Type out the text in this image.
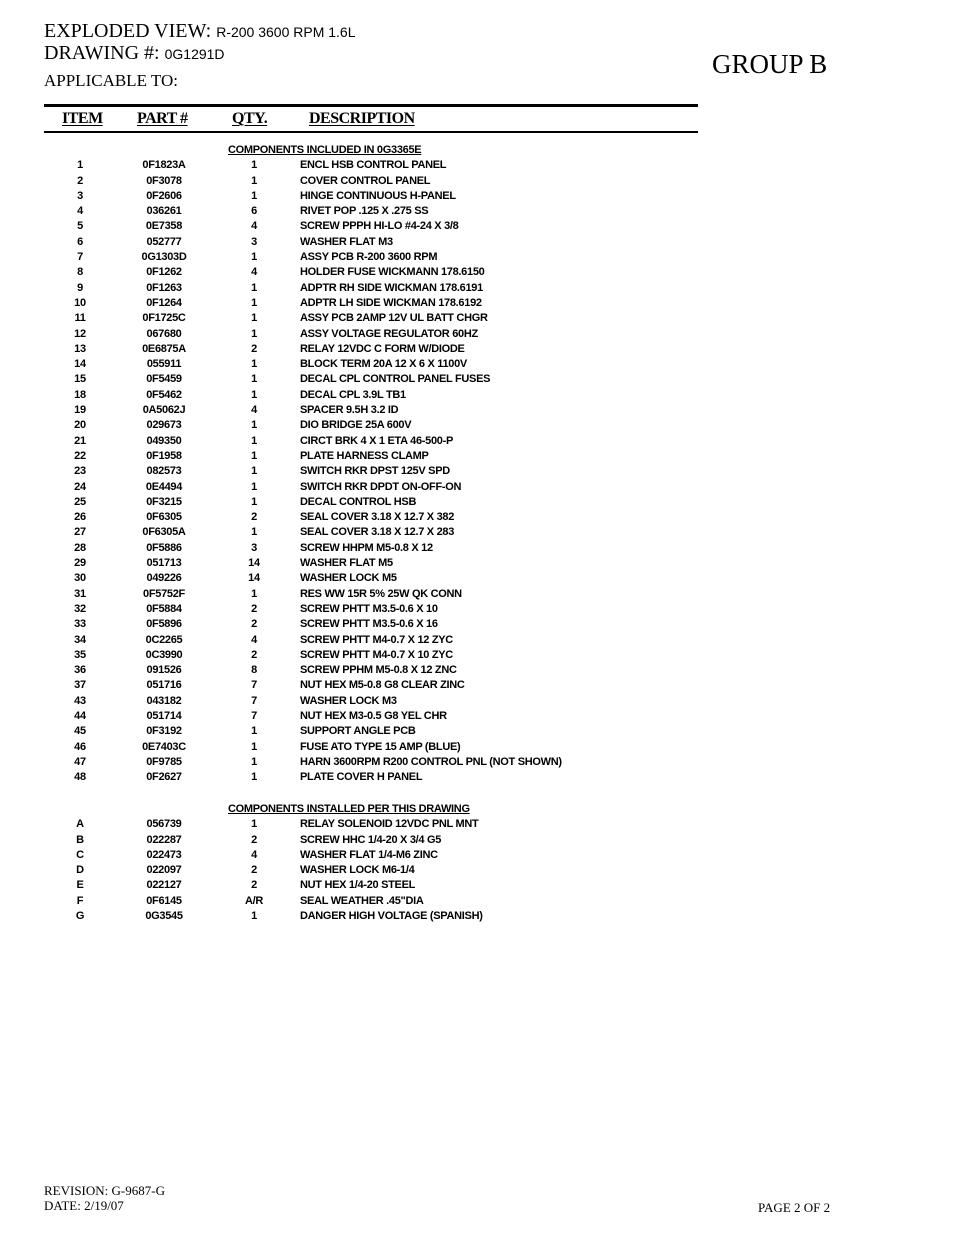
EXPLODED VIEW: R-200 3600 RPM 1.6L
DRAWING #: 0G1291D
APPLICABLE TO:
GROUP B
ITEM PART #	QTY.	DESCRIPTION
COMPONENTS INCLUDED IN 0G3365E
1	0F1823A	1	ENCL HSB CONTROL PANEL
2	0F3078	1	COVER CONTROL PANEL
3	0F2606	1	HINGE CONTINUOUS H-PANEL
4	036261	6	RIVET POP .125 X .275 SS
5	0E7358	4	SCREW PPPH HI-LO #4-24 X 3/8
6	052777	3	WASHER FLAT M3
7	0G1303D	1	ASSY PCB R-200 3600 RPM
8	0F1262	4	HOLDER FUSE WICKMANN 178.6150
9	0F1263	1	ADPTR RH SIDE WICKMAN 178.6191
10	0F1264	1	ADPTR LH SIDE WICKMAN 178.6192
11	0F1725C	1	ASSY PCB 2AMP 12V UL BATT CHGR
12	067680	1	ASSY VOLTAGE REGULATOR 60HZ
13	0E6875A	2	RELAY 12VDC C FORM W/DIODE
14	055911	1	BLOCK TERM 20A 12 X 6 X 1100V
15	0F5459	1	DECAL CPL CONTROL PANEL FUSES
18	0F5462	1	DECAL CPL 3.9L TB1
19	0A5062J	4	SPACER 9.5H 3.2 ID
20	029673	1	DIO BRIDGE 25A 600V
21	049350	1	CIRCT BRK 4 X 1 ETA 46-500-P
22	0F1958	1	PLATE HARNESS CLAMP
23	082573	1	SWITCH RKR DPST 125V SPD
24	0E4494	1	SWITCH RKR DPDT ON-OFF-ON
25	0F3215	1	DECAL CONTROL HSB
26	0F6305	2	SEAL COVER 3.18 X 12.7 X 382
27	0F6305A	1	SEAL COVER 3.18 X 12.7 X 283
28	0F5886	3	SCREW HHPM M5-0.8 X 12
29	051713	14	WASHER FLAT M5
30	049226	14	WASHER LOCK M5
31	0F5752F	1	RES WW 15R 5% 25W QK CONN
32	0F5884	2	SCREW PHTT M3.5-0.6 X 10
33	0F5896	2	SCREW PHTT M3.5-0.6 X 16
34	0C2265	4	SCREW PHTT M4-0.7 X 12 ZYC
35	0C3990	2	SCREW PHTT M4-0.7 X 10 ZYC
36	091526	8	SCREW PPHM M5-0.8 X 12 ZNC
37	051716	7	NUT HEX M5-0.8 G8 CLEAR ZINC
43	043182	7	WASHER LOCK M3
44	051714	7	NUT HEX M3-0.5 G8 YEL CHR
45	0F3192	1	SUPPORT ANGLE PCB
46	0E7403C	1	FUSE ATO TYPE 15 AMP (BLUE)
47	0F9785	1	HARN 3600RPM R200 CONTROL PNL (NOT SHOWN)
48	0F2627	1	PLATE COVER H PANEL
COMPONENTS INSTALLED PER THIS DRAWING
A	056739	1	RELAY SOLENOID 12VDC PNL MNT
B	022287	2	SCREW HHC 1/4-20 X 3/4 G5
C	022473	4	WASHER FLAT 1/4-M6 ZINC
D	022097	2	WASHER LOCK M6-1/4
E	022127	2	NUT HEX 1/4-20 STEEL
F	0F6145	A/R	SEAL WEATHER .45"DIA
G	0G3545	1	DANGER HIGH VOLTAGE (SPANISH)
REVISION: G-9687-G
DATE: 2/19/07	PAGE 2 OF 2
